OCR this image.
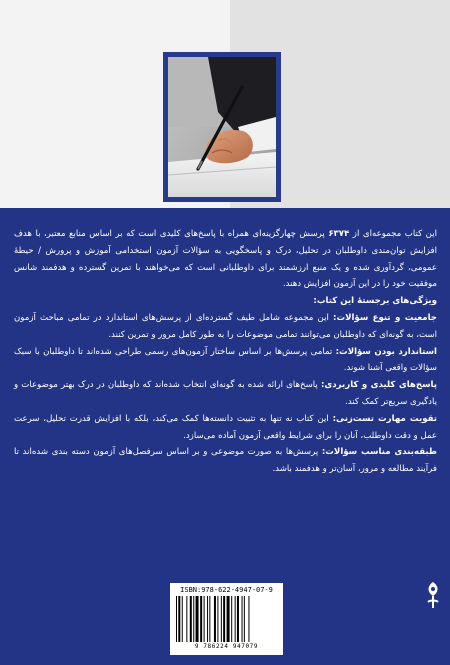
این کتاب مجموعه‌ای از ۶۳۷۴ پرسش چهارگزینه‌ای همراه با پاسخ‌های کلیدی است که بر اساس منابع معتبر، با هدف افزایش توان‌مندی داوطلبان در تحلیل، درک و پاسخگویی به سؤالات آزمون استخدامی آموزش و پرورش / حیطهٔ عمومی، گردآوری شده و یک منبع ارزشمند برای داوطلبانی است که می‌خواهند با تمرین گسترده و هدفمند شانس موفقیت خود را در این آزمون افزایش دهند.

ویژگی‌های برجستهٔ این کتاب:

جامعیت و تنوع سؤالات: این مجموعه شامل طیف گسترده‌ای از پرسش‌های استاندارد در تمامی مباحث آزمون است، به گونه‌ای که داوطلبان می‌توانند تمامی موضوعات را به طور کامل مرور و تمرین کنند.

استاندارد بودن سؤالات: تمامی پرسش‌ها بر اساس ساختار آزمون‌های رسمی طراحی شده‌اند تا داوطلبان با سبک سؤالات واقعی آشنا شوند.

پاسخ‌های کلیدی و کاربردی: پاسخ‌های ارائه شده به گونه‌ای انتخاب شده‌اند که داوطلبان در درک بهتر موضوعات و یادگیری سریع‌تر کمک کند.

تقویت مهارت تست‌زنی: این کتاب نه تنها به تثبیت دانسته‌ها کمک می‌کند، بلکه با افزایش قدرت تحلیل، سرعت عمل و دقت داوطلب، آنان را برای شرایط واقعی آزمون آماده می‌سازد.

طبقه‌بندی مناسب سؤالات: پرسش‌ها به صورت موضوعی و بر اساس سرفصل‌های آزمون دسته بندی شده‌اند تا فرآیند مطالعه و مرور، آسان‌تر و هدفمند باشد.

ISBN:978-622-4947-07-9
9 786224 947079
